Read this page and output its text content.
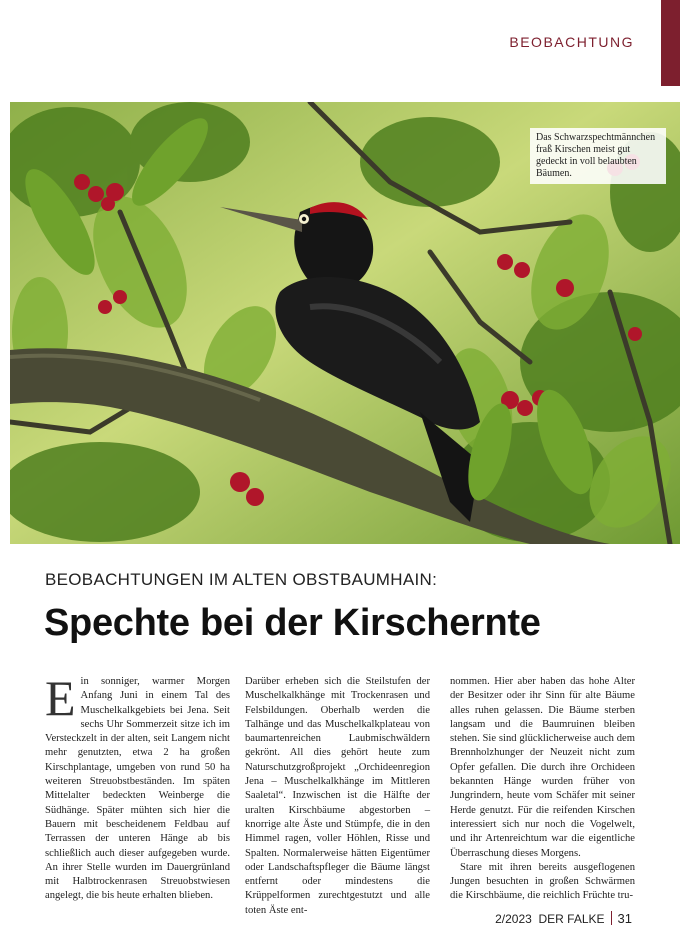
BEOBACHTUNG
Das Schwarzspechtmännchen fraß Kirschen meist gut gedeckt in voll belaubten Bäumen.
BEOBACHTUNGEN IM ALTEN OBSTBAUMHAIN:
Spechte bei der Kirschernte
Ein sonniger, warmer Morgen Anfang Juni in einem Tal des Muschelkalkgebiets bei Jena. Seit sechs Uhr Sommerzeit sitze ich im Versteckzelt in der alten, seit Langem nicht mehr genutzten, etwa 2 ha großen Kirschplantage, umgeben von rund 50 ha weiteren Streuobstbeständen. Im späten Mittelalter bedeckten Weinberge die Südhänge. Später mühten sich hier die Bauern mit bescheidenem Feldbau auf Terrassen der unteren Hänge ab bis schließlich auch dieser aufgegeben wurde. An ihrer Stelle wurden im Dauergrünland mit Halbtrockenrasen Streuobstwiesen angelegt, die bis heute erhalten blieben.
Darüber erheben sich die Steilstufen der Muschelkalkhänge mit Trockenrasen und Felsbildungen. Oberhalb werden die Talhänge und das Muschelkalkplateau von baumartenreichen Laubmischwäldern gekrönt. All dies gehört heute zum Naturschutzgroßprojekt „Orchideenregion Jena – Muschelkalkhänge im Mittleren Saaletal“. Inzwischen ist die Hälfte der uralten Kirschbäume abgestorben – knorrige alte Äste und Stümpfe, die in den Himmel ragen, voller Höhlen, Risse und Spalten. Normalerweise hätten Eigentümer oder Landschaftspfleger die Bäume längst entfernt oder mindestens die Krüppelformen zurechtgestutzt und alle toten Äste ent-
nommen. Hier aber haben das hohe Alter der Besitzer oder ihr Sinn für alte Bäume alles ruhen gelassen. Die Bäume sterben langsam und die Baumruinen bleiben stehen. Sie sind glücklicherweise auch dem Brennholzhunger der Neuzeit nicht zum Opfer gefallen. Die durch ihre Orchideen bekannten Hänge wurden früher von Jungrindern, heute vom Schäfer mit seiner Herde genutzt. Für die reifenden Kirschen interessiert sich nur noch die Vogelwelt, und ihr Artenreichtum war die eigentliche Überraschung dieses Morgens.
Stare mit ihren bereits ausgeflogenen Jungen besuchten in großen Schwärmen die Kirschbäume, die reichlich Früchte tru-
2/2023 DER FALKE 31
